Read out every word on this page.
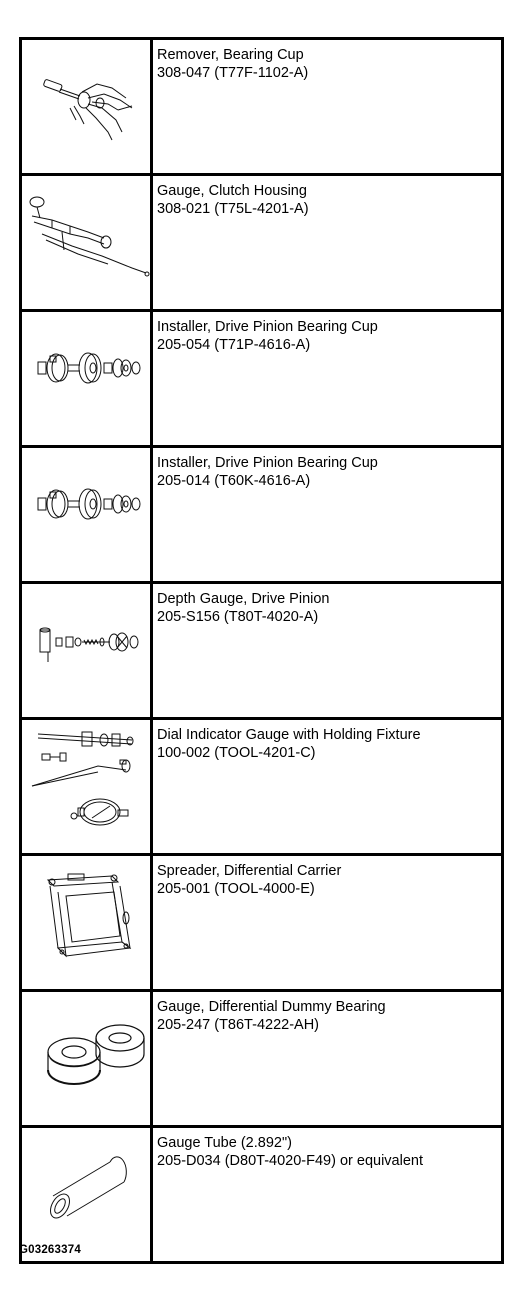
Remover, Bearing Cup
308-047 (T77F-1102-A)

Gauge, Clutch Housing
308-021 (T75L-4201-A)

Installer, Drive Pinion Bearing Cup
205-054 (T71P-4616-A)

Installer, Drive Pinion Bearing Cup
205-014 (T60K-4616-A)

Depth Gauge, Drive Pinion
205-S156 (T80T-4020-A)

Dial Indicator Gauge with Holding Fixture
100-002 (TOOL-4201-C)

Spreader, Differential Carrier
205-001 (TOOL-4000-E)

Gauge, Differential Dummy Bearing
205-247 (T86T-4222-AH)

Gauge Tube (2.892")
205-D034 (D80T-4020-F49) or equivalent
G03263374
